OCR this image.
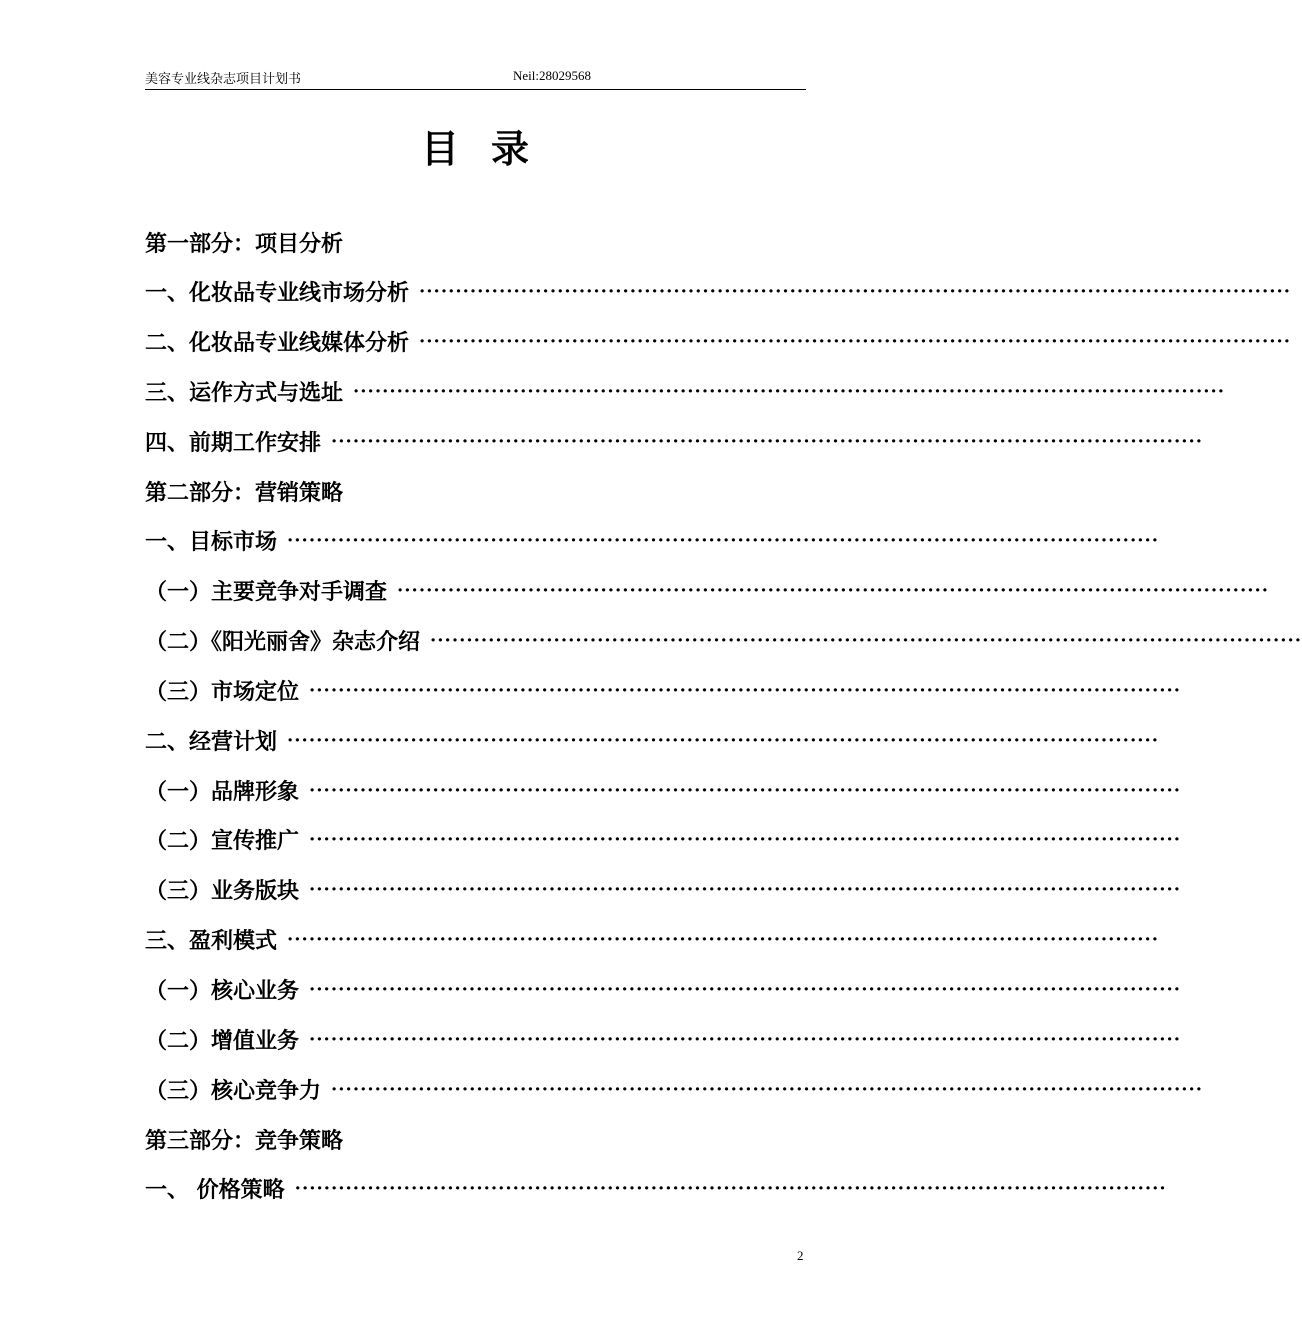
美容专业线杂志项目计划书	Neil:28029568
目录
第一部分：项目分析
一、化妆品专业线市场分析 ························································································································
二、化妆品专业线媒体分析 ························································································································
三、运作方式与选址 ························································································································
四、前期工作安排 ························································································································
第二部分：营销策略
一、目标市场 ························································································································
（一）主要竞争对手调查 ························································································································
（二）《阳光丽舍》杂志介绍 ························································································································
（三）市场定位 ························································································································
二、经营计划 ························································································································
（一）品牌形象 ························································································································
（二）宣传推广 ························································································································
（三）业务版块 ························································································································
三、盈利模式 ························································································································
（一）核心业务 ························································································································
（二）增值业务 ························································································································
（三）核心竞争力 ························································································································
第三部分：竞争策略
一、 价格策略 ························································································································
2
